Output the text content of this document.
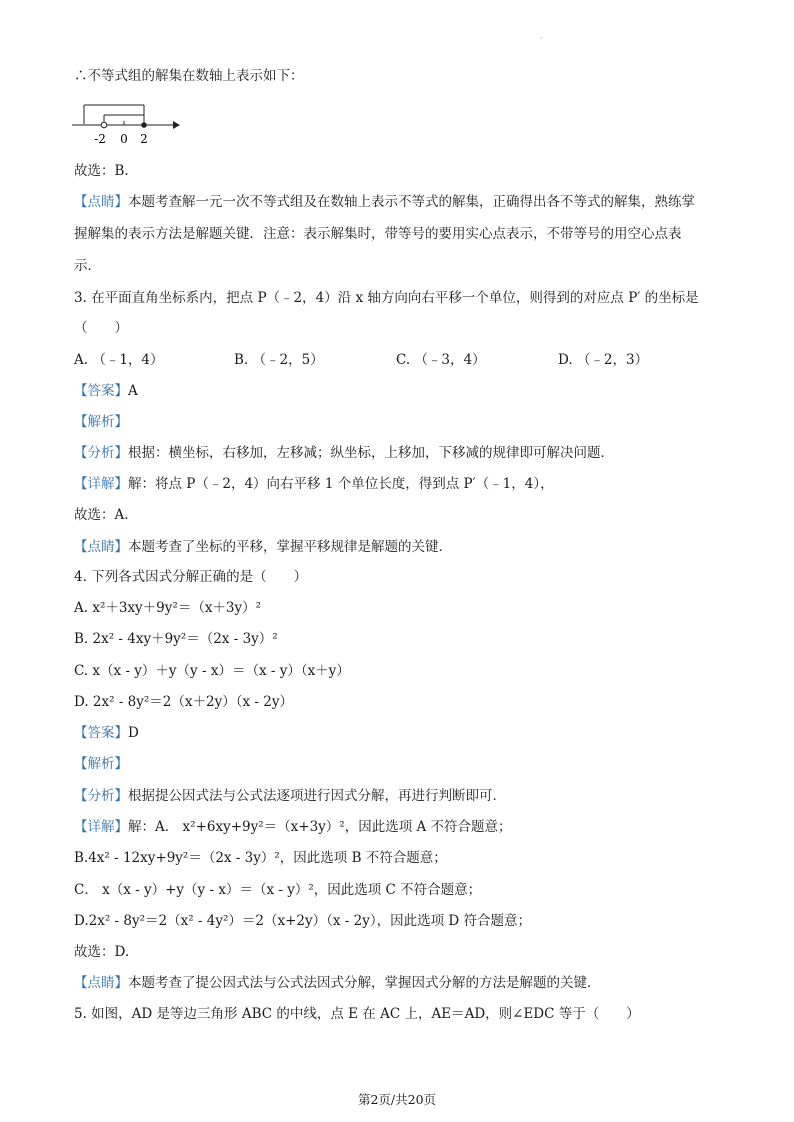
·
∴不等式组的解集在数轴上表示如下：
-2 0 2
故选：B.
【点睛】本题考查解一元一次不等式组及在数轴上表示不等式的解集，正确得出各不等式的解集，熟练掌
握解集的表示方法是解题关键．注意：表示解集时，带等号的要用实心点表示，不带等号的用空心点表
示．
3. 在平面直角坐标系内，把点 P（﹣2，4）沿 x 轴方向向右平移一个单位，则得到的对应点 P′ 的坐标是
（　　）
A. （﹣1，4）	B. （﹣2，5）	C. （﹣3，4）	D. （﹣2，3）
【答案】A
【解析】
【分析】根据：横坐标，右移加，左移减；纵坐标，上移加，下移减的规律即可解决问题．
【详解】解：将点 P（﹣2，4）向右平移 1 个单位长度，得到点 P′（﹣1，4），
故选：A.
【点睛】本题考查了坐标的平移，掌握平移规律是解题的关键．
4. 下列各式因式分解正确的是（　　）
A. x²＋3xy＋9y²＝（x＋3y）²
B. 2x² - 4xy＋9y²＝（2x - 3y）²
C. x（x - y）＋y（y - x）＝（x - y）（x＋y）
D. 2x² - 8y²＝2（x＋2y）（x - 2y）
【答案】D
【解析】
【分析】根据提公因式法与公式法逐项进行因式分解，再进行判断即可．
【详解】解：A． x²+6xy+9y²＝（x+3y）²，因此选项 A 不符合题意；
B.4x² - 12xy+9y²＝（2x - 3y）²，因此选项 B 不符合题意；
C． x（x - y）+y（y - x）＝（x - y）²，因此选项 C 不符合题意；
D.2x² - 8y²＝2（x² - 4y²）＝2（x+2y）（x - 2y），因此选项 D 符合题意；
故选：D.
【点睛】本题考查了提公因式法与公式法因式分解，掌握因式分解的方法是解题的关键．
5. 如图，AD 是等边三角形 ABC 的中线，点 E 在 AC 上，AE＝AD，则∠EDC 等于（　　）
第2页/共20页
